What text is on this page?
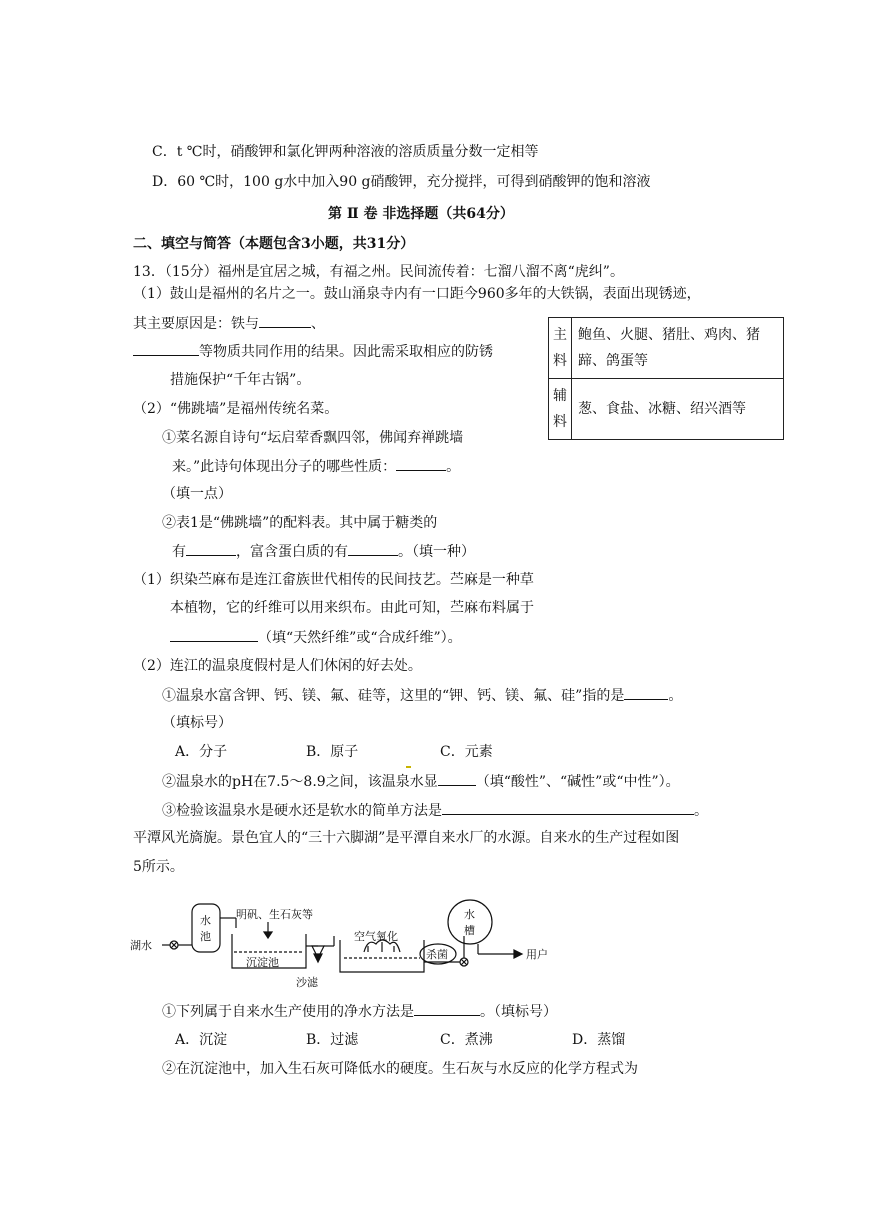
C．t ℃时，硝酸钾和氯化钾两种溶液的溶质质量分数一定相等
D．60 ℃时，100 g水中加入90 g硝酸钾，充分搅拌，可得到硝酸钾的饱和溶液
第 Ⅱ 卷 非选择题（共64分）
二、填空与简答（本题包含3小题，共31分）
13．（15分）福州是宜居之城，有福之州。民间流传着：七溜八溜不离“虎纠”。
（1）鼓山是福州的名片之一。鼓山涌泉寺内有一口距今960多年的大铁锅，表面出现锈迹，
其主要原因是：铁与	、
等物质共同作用的结果。因此需采取相应的防锈
措施保护“千年古锅”。
主
料	鲍鱼、火腿、猪肚、鸡肉、猪蹄、鸽蛋等
辅
料	葱、食盐、冰糖、绍兴酒等
（2）“佛跳墙”是福州传统名菜。
①菜名源自诗句“坛启荤香飘四邻，佛闻弃禅跳墙
来。”此诗句体现出分子的哪些性质：	。
（填一点）
②表1是“佛跳墙”的配料表。其中属于糖类的
有	，富含蛋白质的有	。（填一种）
（1）织染苎麻布是连江畲族世代相传的民间技艺。苎麻是一种草
本植物，它的纤维可以用来织布。由此可知，苎麻布料属于
（填“天然纤维”或“合成纤维”）。
（2）连江的温泉度假村是人们休闲的好去处。
①温泉水富含钾、钙、镁、氟、硅等，这里的“钾、钙、镁、氟、硅”指的是	。
（填标号）
A．分子	B．原子	C．元素
②温泉水的pH在7.5～8.9之间，该温泉水显	（填“酸性”、“碱性”或“中性”）。
③检验该温泉水是硬水还是软水的简单方法是	。
平潭风光旖旎。景色宜人的“三十六脚湖”是平潭自来水厂的水源。自来水的生产过程如图
5所示。
湖水
水
池
明矾、生石灰等
沉淀池
沙滤
空气氧化
杀菌
水
槽
用户
①下列属于自来水生产使用的净水方法是	。（填标号）
A．沉淀	B．过滤	C．煮沸	D．蒸馏
②在沉淀池中，加入生石灰可降低水的硬度。生石灰与水反应的化学方程式为
